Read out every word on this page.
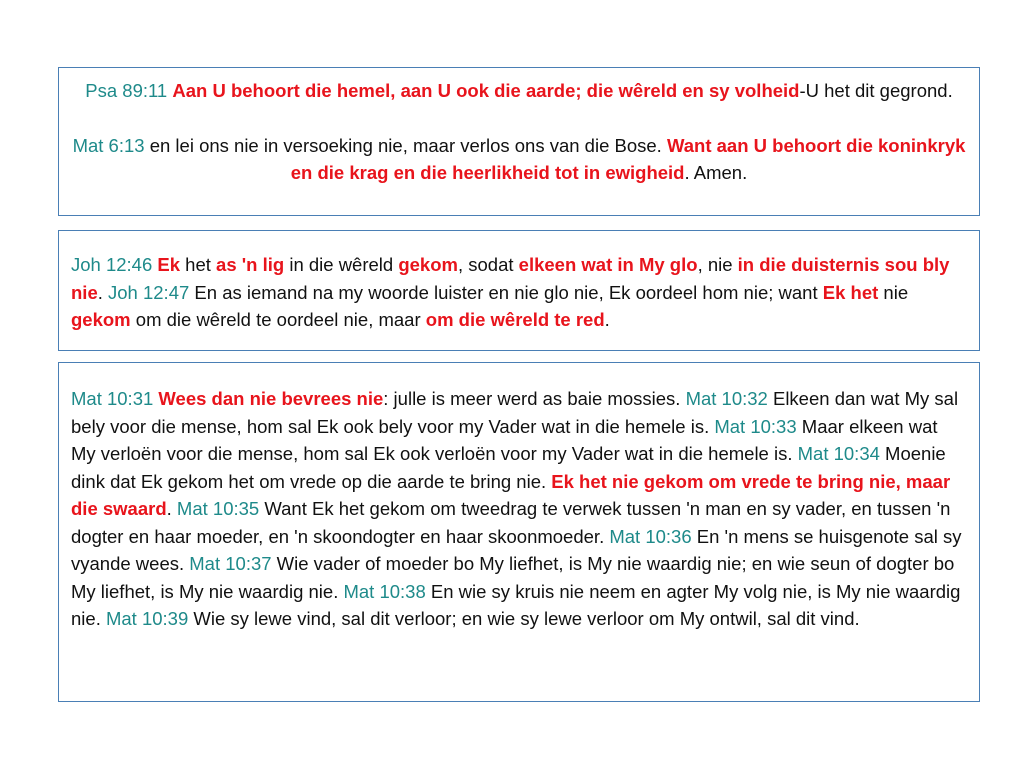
Psa 89:11 Aan U behoort die hemel, aan U ook die aarde; die wêreld en sy volheid-U het dit gegrond.

Mat 6:13 en lei ons nie in versoeking nie, maar verlos ons van die Bose. Want aan U behoort die koninkryk en die krag en die heerlikheid tot in ewigheid. Amen.

Joh 12:46 Ek het as 'n lig in die wêreld gekom, sodat elkeen wat in My glo, nie in die duisternis sou bly nie. Joh 12:47 En as iemand na my woorde luister en nie glo nie, Ek oordeel hom nie; want Ek het nie gekom om die wêreld te oordeel nie, maar om die wêreld te red.

Mat 10:31 Wees dan nie bevrees nie: julle is meer werd as baie mossies. Mat 10:32 Elkeen dan wat My sal bely voor die mense, hom sal Ek ook bely voor my Vader wat in die hemele is. Mat 10:33 Maar elkeen wat My verloën voor die mense, hom sal Ek ook verloën voor my Vader wat in die hemele is. Mat 10:34 Moenie dink dat Ek gekom het om vrede op die aarde te bring nie. Ek het nie gekom om vrede te bring nie, maar die swaard. Mat 10:35 Want Ek het gekom om tweedrag te verwek tussen 'n man en sy vader, en tussen 'n dogter en haar moeder, en 'n skoondogter en haar skoonmoeder. Mat 10:36 En 'n mens se huisgenote sal sy vyande wees. Mat 10:37 Wie vader of moeder bo My liefhet, is My nie waardig nie; en wie seun of dogter bo My liefhet, is My nie waardig nie. Mat 10:38 En wie sy kruis nie neem en agter My volg nie, is My nie waardig nie. Mat 10:39 Wie sy lewe vind, sal dit verloor; en wie sy lewe verloor om My ontwil, sal dit vind.
